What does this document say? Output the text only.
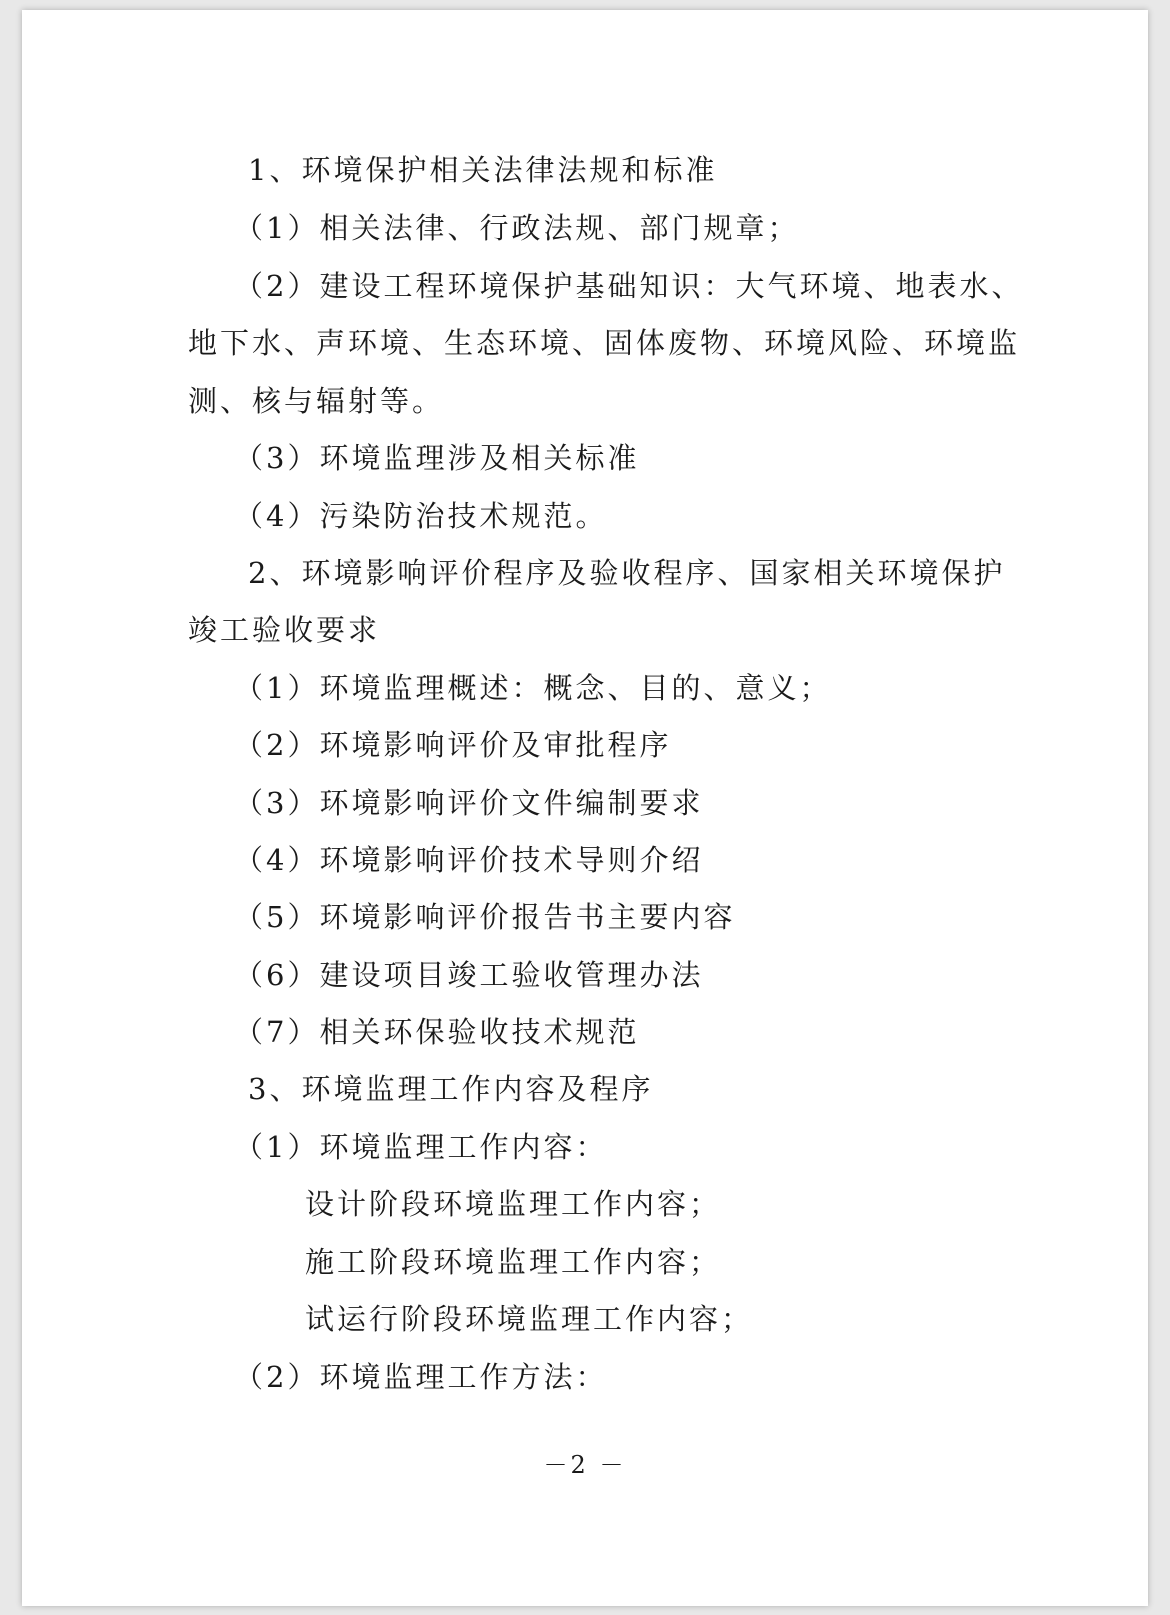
1、环境保护相关法律法规和标准
（1）相关法律、行政法规、部门规章；
（2）建设工程环境保护基础知识：大气环境、地表水、
地下水、声环境、生态环境、固体废物、环境风险、环境监
测、核与辐射等。
（3）环境监理涉及相关标准
（4）污染防治技术规范。
2、环境影响评价程序及验收程序、国家相关环境保护
竣工验收要求
（1）环境监理概述：概念、目的、意义；
（2）环境影响评价及审批程序
（3）环境影响评价文件编制要求
（4）环境影响评价技术导则介绍
（5）环境影响评价报告书主要内容
（6）建设项目竣工验收管理办法
（7）相关环保验收技术规范
3、环境监理工作内容及程序
（1）环境监理工作内容：
设计阶段环境监理工作内容；
施工阶段环境监理工作内容；
试运行阶段环境监理工作内容；
（2）环境监理工作方法：
－2 －
